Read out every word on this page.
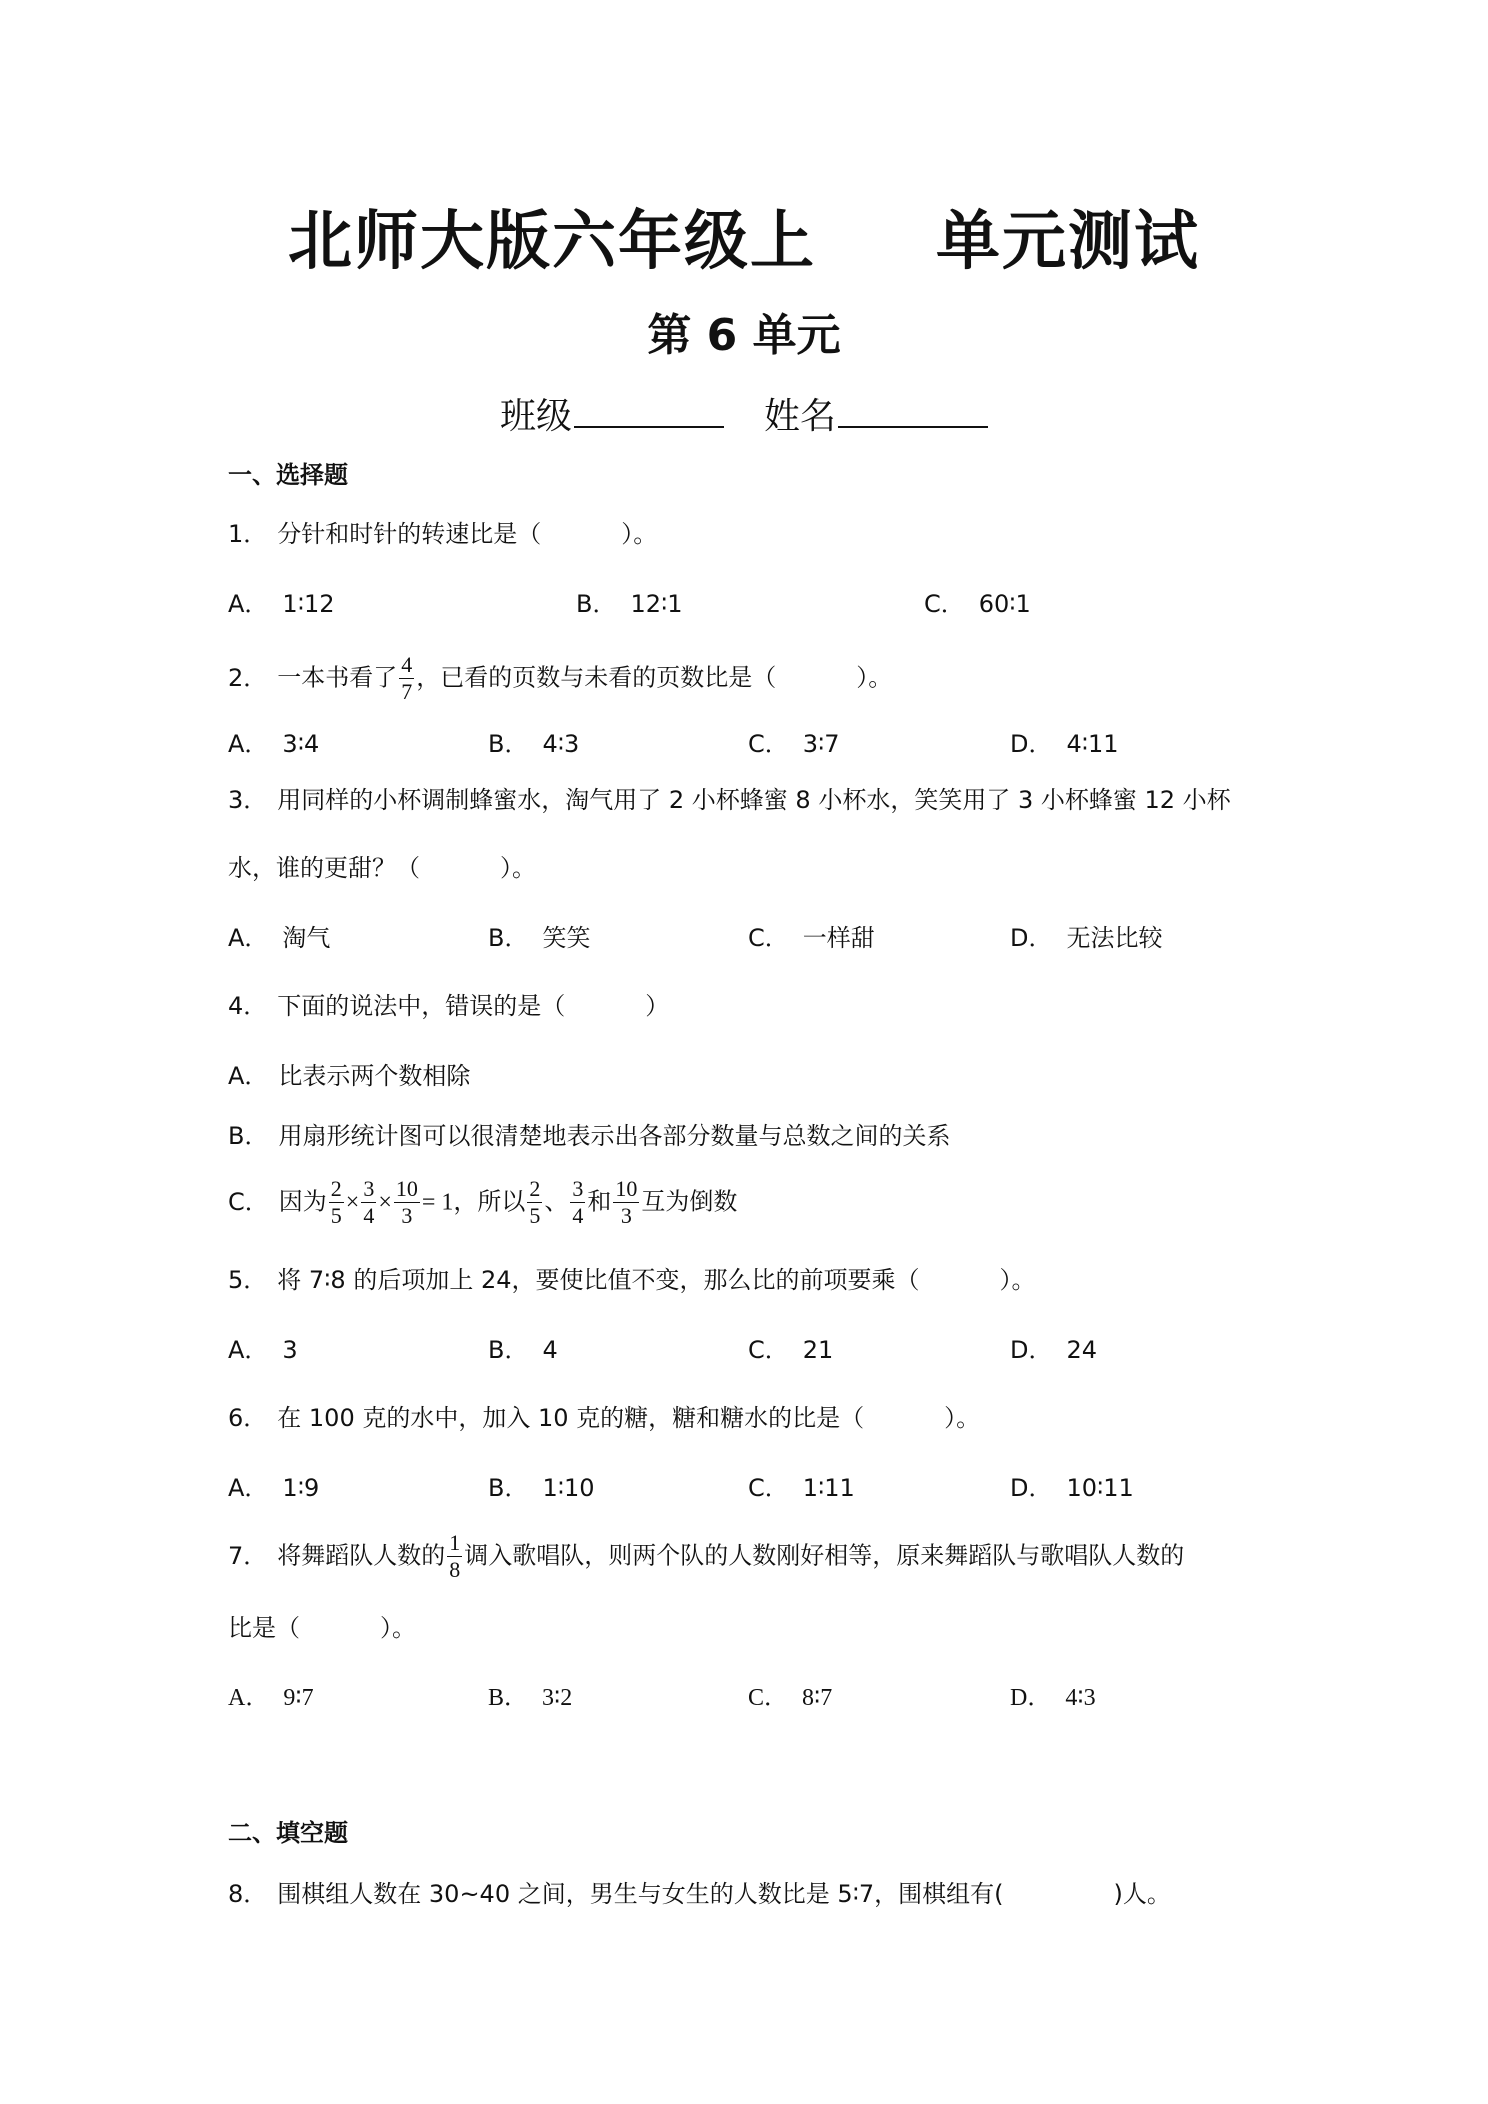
北师大版六年级上 单元测试
第 6 单元
班级	姓名
一、选择题
1． 分针和时针的转速比是（	）。
A． 1∶12	B． 12∶1	C． 60∶1
2． 一本书看了 $\frac{4}{7}$ ，已看的页数与未看的页数比是（	）。
A． 3∶4	B． 4∶3	C． 3∶7	D． 4∶11
3． 用同样的小杯调制蜂蜜水，淘气用了 2 小杯蜂蜜 8 小杯水，笑笑用了 3 小杯蜂蜜 12 小杯
水，谁的更甜？（	）。
A． 淘气	B． 笑笑	C． 一样甜	D． 无法比较
4． 下面的说法中，错误的是（	）
A． 比表示两个数相除
B． 用扇形统计图可以很清楚地表示出各部分数量与总数之间的关系
C． 因为 $\frac{2}{5} \times \frac{3}{4} \times \frac{10}{3} = 1$，所以 $\frac{2}{5}$ 、 $\frac{3}{4}$ 和 $\frac{10}{3}$ 互为倒数
5． 将 7∶8 的后项加上 24，要使比值不变，那么比的前项要乘（	）。
A． 3	B． 4	C． 21	D． 24
6． 在 100 克的水中，加入 10 克的糖，糖和糖水的比是（	）。
A． 1∶9	B． 1∶10	C． 1∶11	D． 10∶11
7． 将舞蹈队人数的 $\frac{1}{8}$ 调入歌唱队，则两个队的人数刚好相等，原来舞蹈队与歌唱队人数的
比是（	）。
A． 9∶7	B． 3∶2	C． 8∶7	D． 4∶3
二、填空题
8． 围棋组人数在 30~40 之间，男生与女生的人数比是 5∶7，围棋组有(	)人。
